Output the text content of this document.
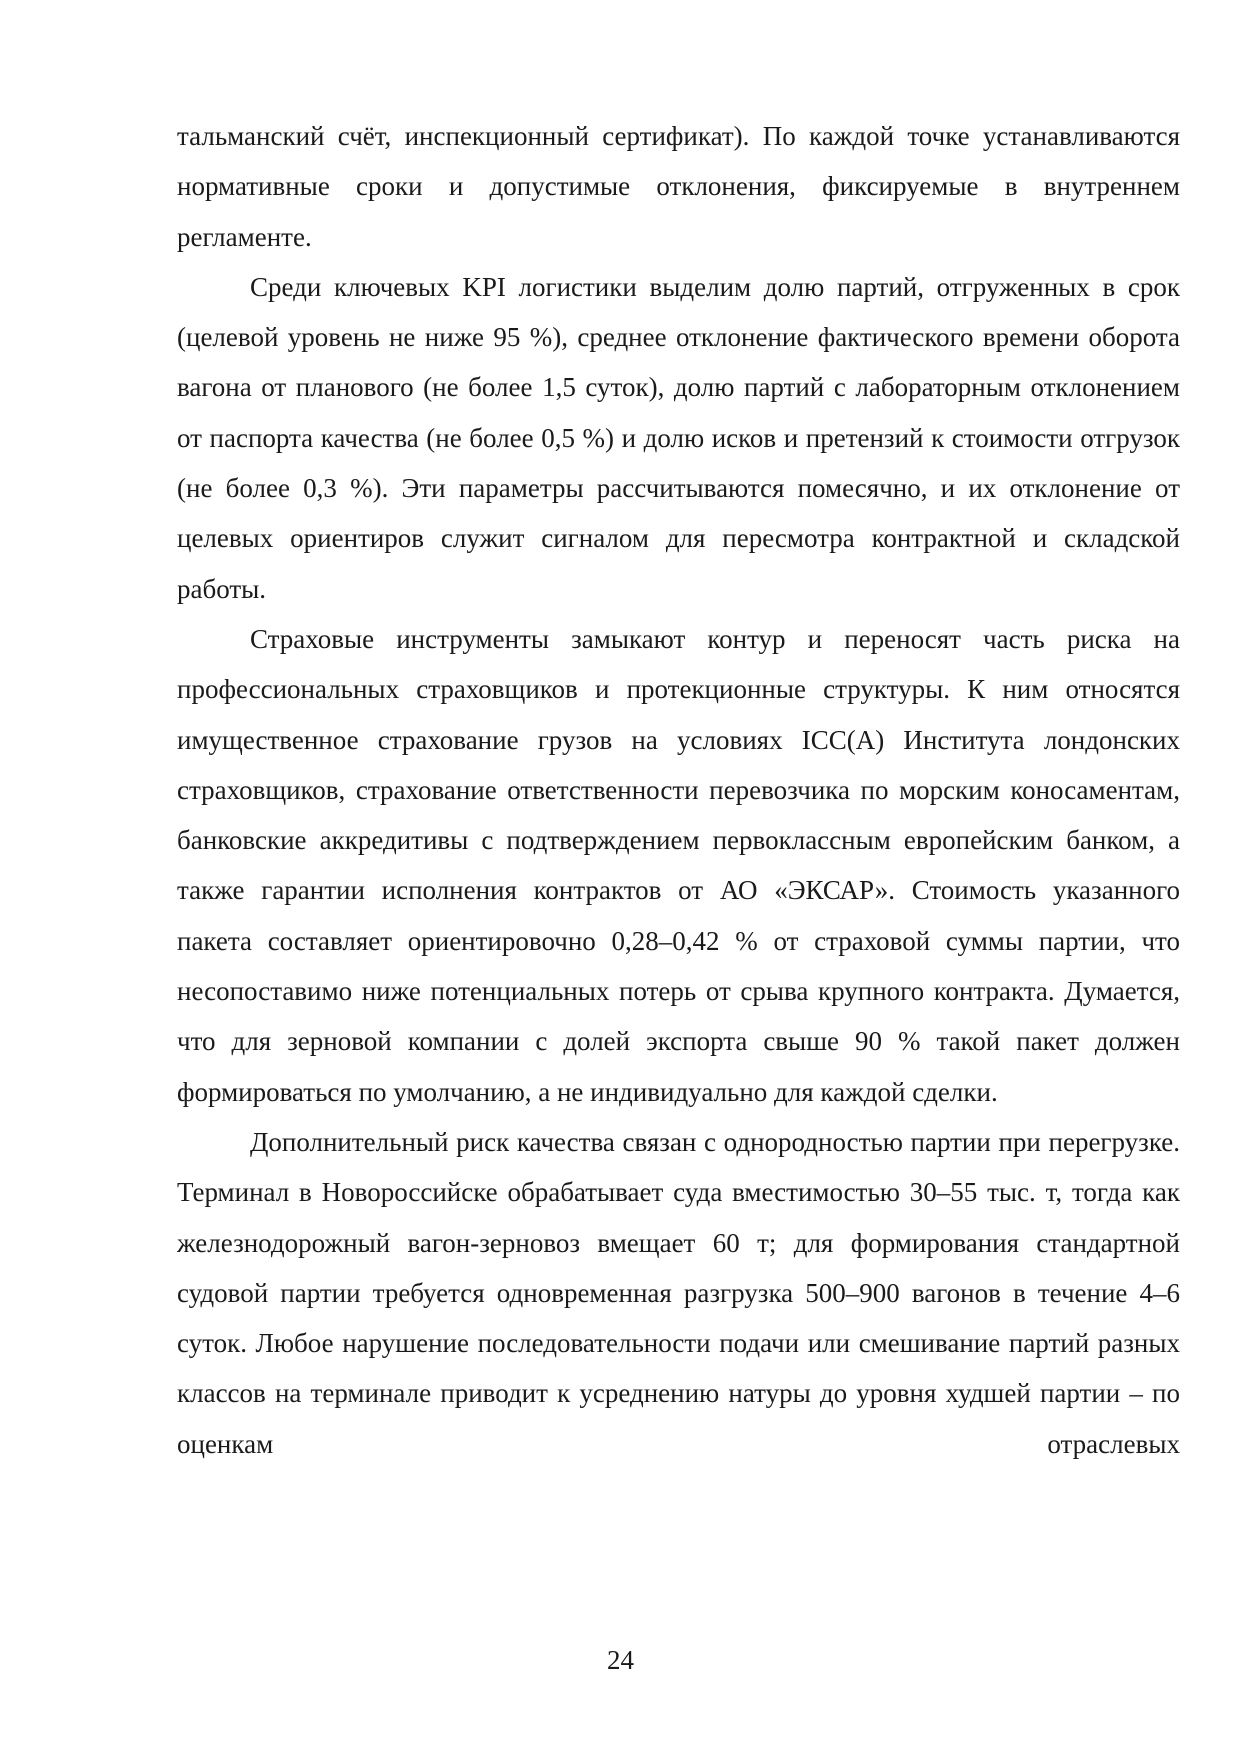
тальманский счёт, инспекционный сертификат). По каждой точке устанавливаются нормативные сроки и допустимые отклонения, фиксируемые в внутреннем регламенте.

Среди ключевых KPI логистики выделим долю партий, отгруженных в срок (целевой уровень не ниже 95 %), среднее отклонение фактического времени оборота вагона от планового (не более 1,5 суток), долю партий с лабораторным отклонением от паспорта качества (не более 0,5 %) и долю исков и претензий к стоимости отгрузок (не более 0,3 %). Эти параметры рассчитываются помесячно, и их отклонение от целевых ориентиров служит сигналом для пересмотра контрактной и складской работы.

Страховые инструменты замыкают контур и переносят часть риска на профессиональных страховщиков и протекционные структуры. К ним относятся имущественное страхование грузов на условиях ICC(A) Института лондонских страховщиков, страхование ответственности перевозчика по морским коносаментам, банковские аккредитивы с подтверждением первоклассным европейским банком, а также гарантии исполнения контрактов от АО «ЭКСАР». Стоимость указанного пакета составляет ориентировочно 0,28–0,42 % от страховой суммы партии, что несопоставимо ниже потенциальных потерь от срыва крупного контракта. Думается, что для зерновой компании с долей экспорта свыше 90 % такой пакет должен формироваться по умолчанию, а не индивидуально для каждой сделки.

Дополнительный риск качества связан с однородностью партии при перегрузке. Терминал в Новороссийске обрабатывает суда вместимостью 30–55 тыс. т, тогда как железнодорожный вагон-зерновоз вмещает 60 т; для формирования стандартной судовой партии требуется одновременная разгрузка 500–900 вагонов в течение 4–6 суток. Любое нарушение последовательности подачи или смешивание партий разных классов на терминале приводит к усреднению натуры до уровня худшей партии – по оценкам отраслевых

24
